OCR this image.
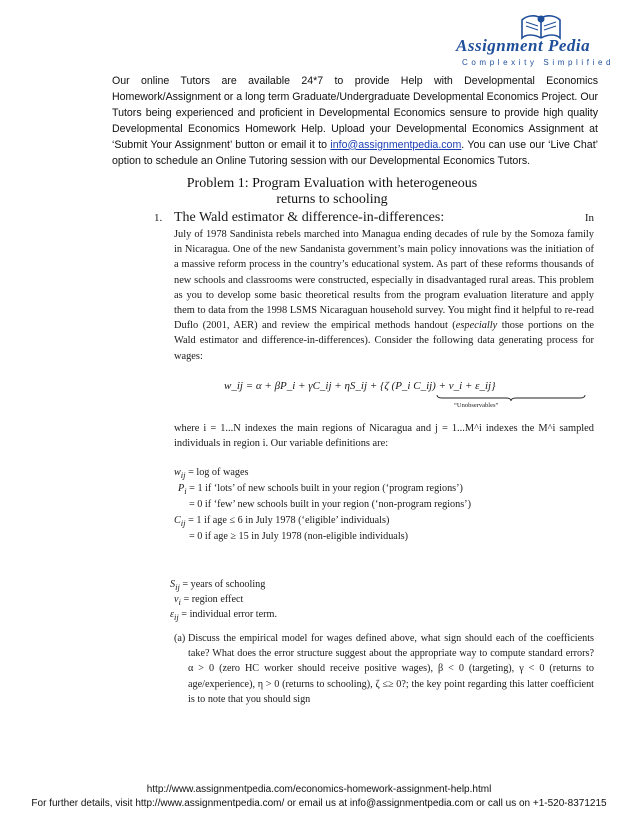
Assignment Pedia
Complexity Simplified
Our online Tutors are available 24*7 to provide Help with Developmental Economics Homework/Assignment or a long term Graduate/Undergraduate Developmental Economics Project. Our Tutors being experienced and proficient in Developmental Economics sensure to provide high quality Developmental Economics Homework Help. Upload your Developmental Economics Assignment at ‘Submit Your Assignment’ button or email it to info@assignmentpedia.com. You can use our ‘Live Chat’ option to schedule an Online Tutoring session with our Developmental Economics Tutors.
Problem 1: Program Evaluation with heterogeneous
returns to schooling
1. The Wald estimator & difference-in-differences:	In
July of 1978 Sandinista rebels marched into Managua ending decades of rule by the Somoza family in Nicaragua. One of the new Sandanista government’s main policy innovations was the initiation of a massive reform process in the country’s educational system. As part of these reforms thousands of new schools and classrooms were constructed, especially in disadvantaged rural areas. This problem as you to develop some basic theoretical results from the program evaluation literature and apply them to data from the 1998 LSMS Nicaraguan household survey. You might find it helpful to re-read Duflo (2001, AER) and review the empirical methods handout (especially those portions on the Wald estimator and difference-in-differences). Consider the following data generating process for wages:
w_ij = α + βP_i + γC_ij + ηS_ij + {ζ (P_i C_ij) + ν_i + ε_ij}
“Unobservables”
where i = 1...N indexes the main regions of Nicaragua and j = 1...M^i indexes the M^i sampled individuals in region i. Our variable definitions are:
$w_{ij} = \log$ of wages
$P_i = 1$ if ‘lots’ of new schools built in your region (‘program regions’)
= 0 if ‘few’ new schools built in your region (‘non-program regions’)
$C_{ij} = 1$ if age ≤ 6 in July 1978 (‘eligible’ individuals)
= 0 if age ≥ 15 in July 1978 (non-eligible individuals)
$S_{ij}$ = years of schooling
$v_i$ = region effect
$\varepsilon_{ij}$ = individual error term.
(a) Discuss the empirical model for wages defined above, what sign should each of the coefficients take? What does the error structure suggest about the appropriate way to compute standard errors? α > 0 (zero HC worker should receive positive wages), β < 0 (targeting), γ < 0 (returns to age/experience), η > 0 (returns to schooling), ζ ≤≥ 0?; the key point regarding this latter coefficient is to note that you should sign
http://www.assignmentpedia.com/economics-homework-assignment-help.html
For further details, visit http://www.assignmentpedia.com/ or email us at info@assignmentpedia.com or call us on +1-520-8371215
